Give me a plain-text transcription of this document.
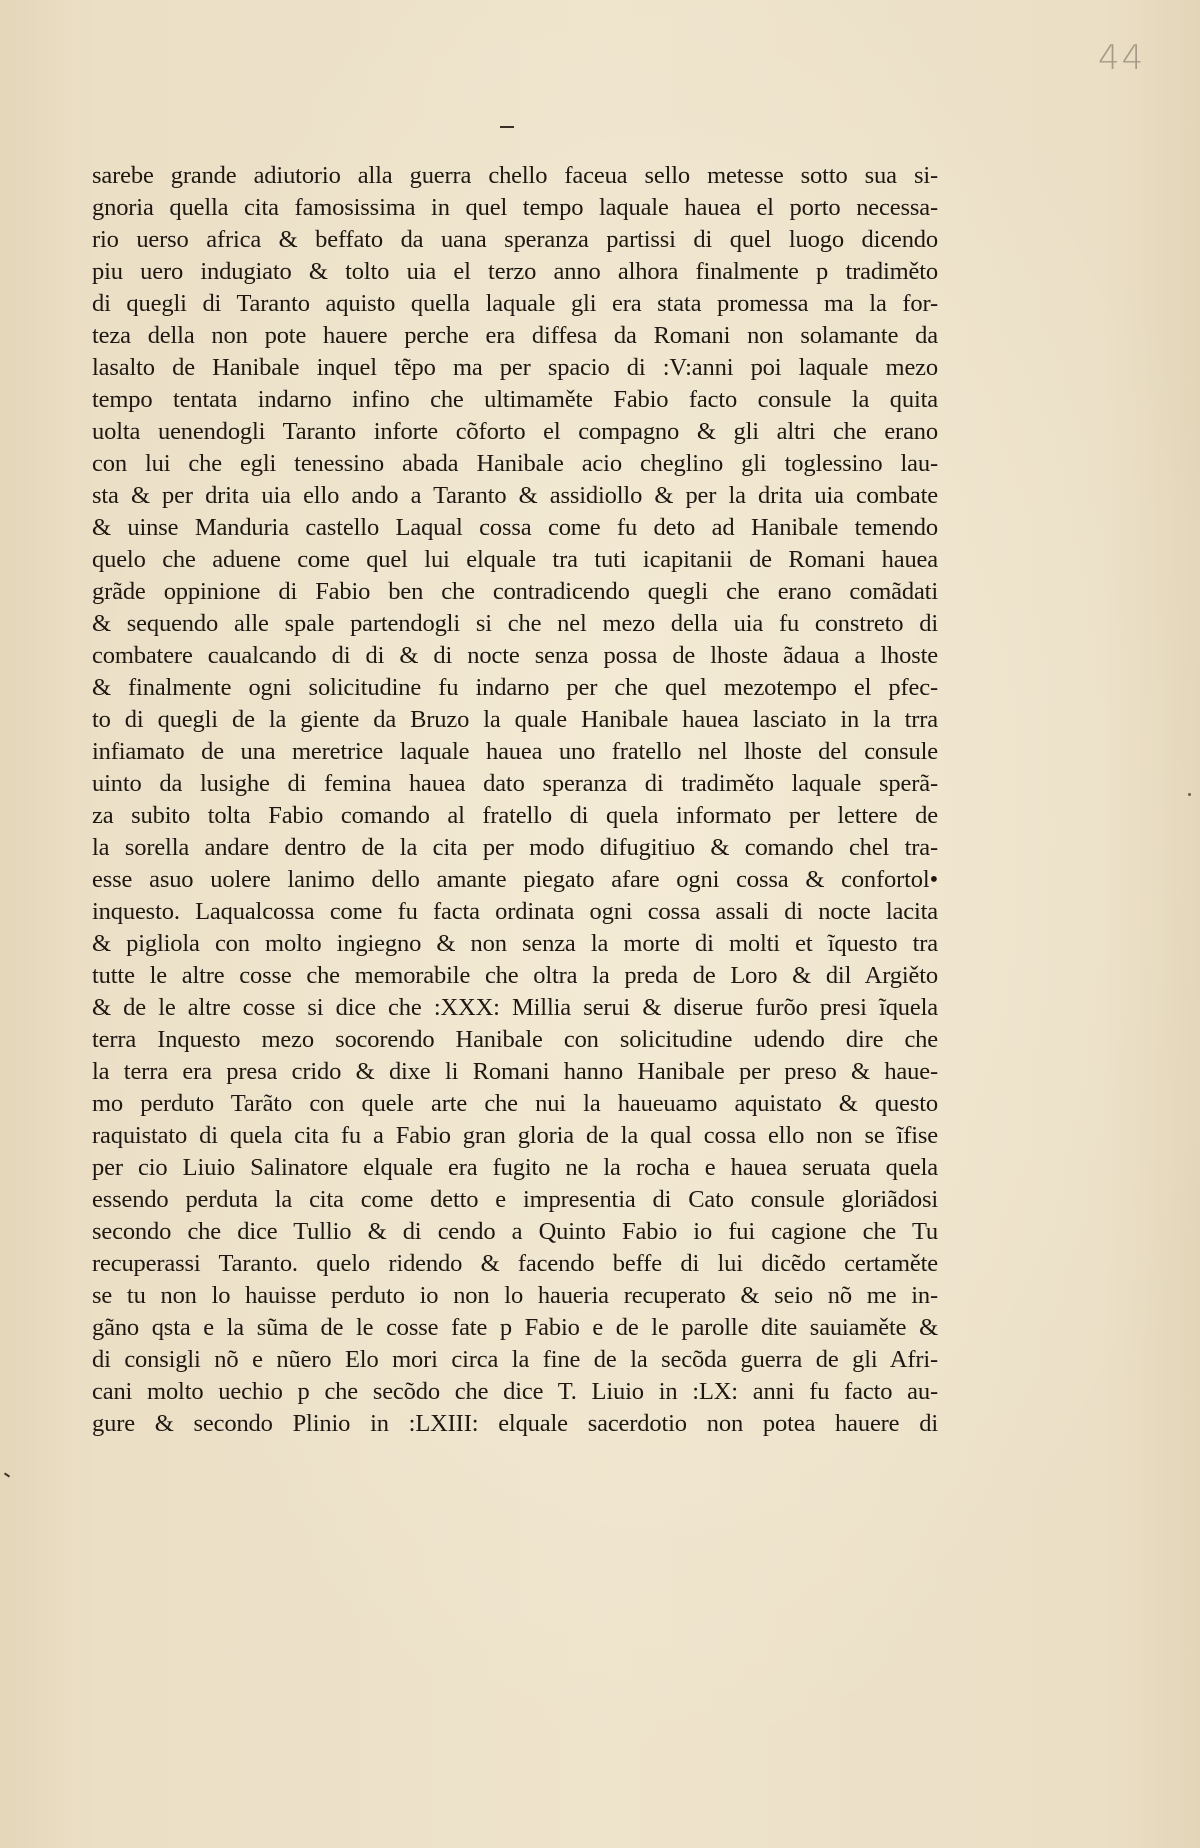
44
sarebe grande adiutorio alla guerra chello faceua sello metesse sotto sua si-
gnoria quella cita famosissima in quel tempo laquale hauea el porto necessa-
rio uerso africa & beffato da uana speranza partissi di quel luogo dicendo
piu uero indugiato & tolto uia el terzo anno alhora finalmente p tradiměto
di quegli di Taranto aquisto quella laquale gli era stata promessa ma la for-
teza della non pote hauere perche era diffesa da Romani non solamante da
lasalto de Hanibale inquel tẽpo ma per spacio di :V:anni poi laquale mezo
tempo tentata indarno infino che ultimaměte Fabio facto consule la quita
uolta uenendogli Taranto inforte cõforto el compagno & gli altri che erano
con lui che egli tenessino abada Hanibale acio cheglino gli toglessino lau-
sta & per drita uia ello ando a Taranto & assidiollo & per la drita uia combate
& uinse Manduria castello Laqual cossa come fu deto ad Hanibale temendo
quelo che aduene come quel lui elquale tra tuti icapitanii de Romani hauea
grãde oppinione di Fabio ben che contradicendo quegli che erano comãdati
& sequendo alle spale partendogli si che nel mezo della uia fu constreto di
combatere caualcando di di & di nocte senza possa de lhoste ãdaua a lhoste
& finalmente ogni solicitudine fu indarno per che quel mezotempo el pfec-
to di quegli de la giente da Bruzo la quale Hanibale hauea lasciato in la trra
infiamato de una meretrice laquale hauea uno fratello nel lhoste del consule
uinto da lusighe di femina hauea dato speranza di tradiměto laquale sperã-
za subito tolta Fabio comando al fratello di quela informato per lettere de
la sorella andare dentro de la cita per modo difugitiuo & comando chel tra-
esse asuo uolere lanimo dello amante piegato afare ogni cossa & confortol•
inquesto. Laqualcossa come fu facta ordinata ogni cossa assali di nocte lacita
& pigliola con molto ingiegno & non senza la morte di molti et ĩquesto tra
tutte le altre cosse che memorabile che oltra la preda de Loro & dil Argiěto
& de le altre cosse si dice che :XXX: Millia serui & diserue furõo presi ĩquela
terra Inquesto mezo socorendo Hanibale con solicitudine udendo dire che
la terra era presa crido & dixe li Romani hanno Hanibale per preso & haue-
mo perduto Tarãto con quele arte che nui la haueuamo aquistato & questo
raquistato di quela cita fu a Fabio gran gloria de la qual cossa ello non se ĩfise
per cio Liuio Salinatore elquale era fugito ne la rocha e hauea seruata quela
essendo perduta la cita come detto e impresentia di Cato consule gloriãdosi
secondo che dice Tullio & di cendo a Quinto Fabio io fui cagione che Tu
recuperassi Taranto. quelo ridendo & facendo beffe di lui dicẽdo certaměte
se tu non lo hauisse perduto io non lo haueria recuperato & seio nõ me in-
gãno qsta e la sũma de le cosse fate p Fabio e de le parolle dite sauiaměte &
di consigli nõ e nũero Elo mori circa la fine de la secõda guerra de gli Afri-
cani molto uechio p che secõdo che dice T. Liuio in :LX: anni fu facto au-
gure & secondo Plinio in :LXIII: elquale sacerdotio non potea hauere di
